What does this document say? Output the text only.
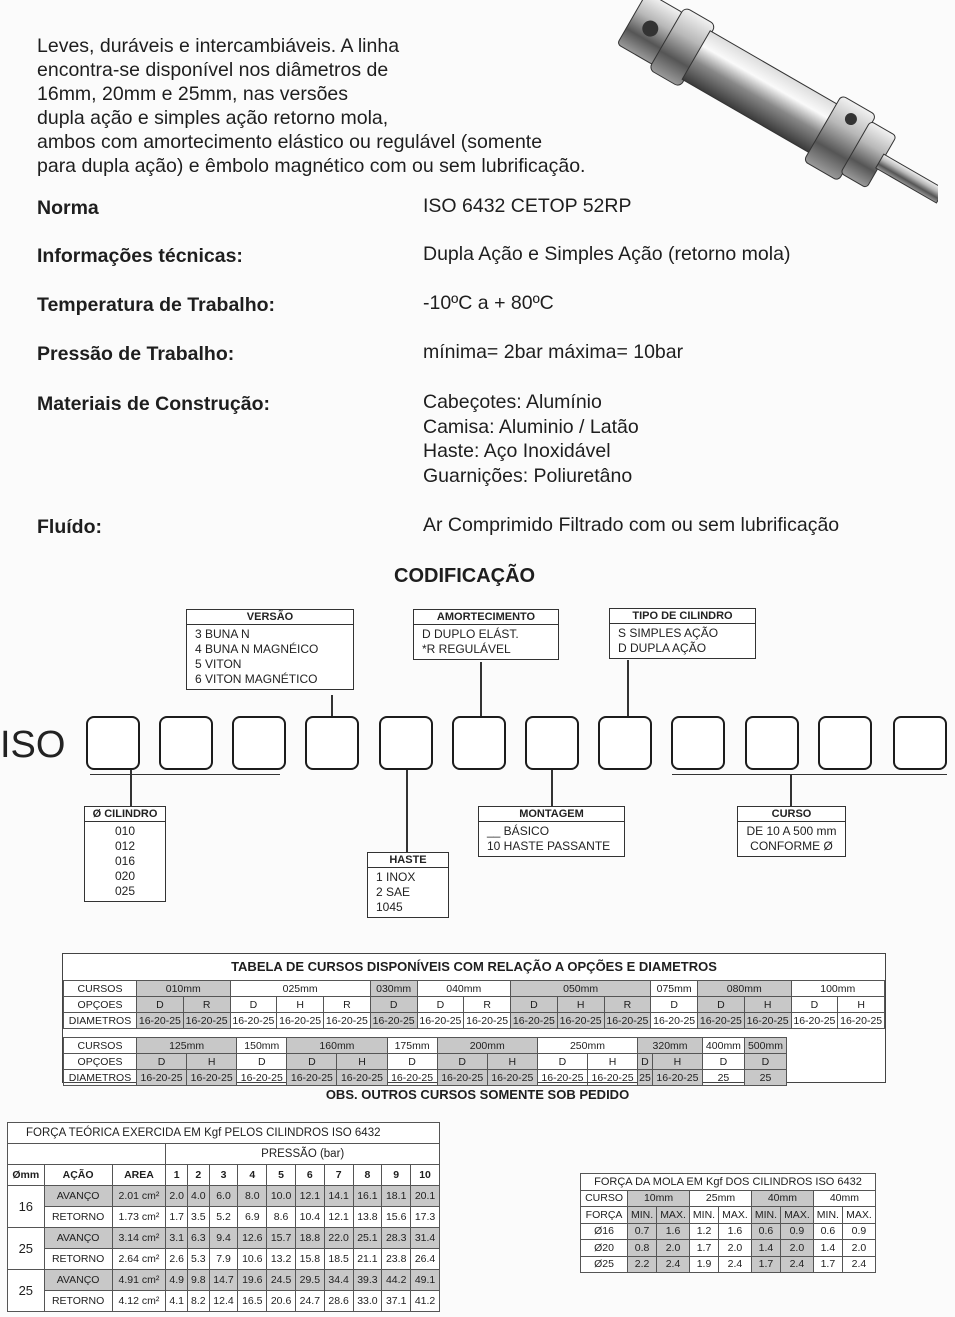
Leves, duráveis e intercambiáveis. A linha
encontra-se disponível nos diâmetros de
16mm, 20mm e 25mm, nas versões
dupla ação e simples ação retorno mola,
ambos com amortecimento elástico ou regulável (somente
para dupla ação) e êmbolo magnético com ou sem lubrificação.
Norma	ISO 6432 CETOP 52RP
Informações técnicas:	Dupla Ação e Simples Ação (retorno mola)
Temperatura de Trabalho:	-10ºC a + 80ºC
Pressão de Trabalho:	mínima= 2bar máxima= 10bar
Materiais de Construção:	Cabeçotes: Alumínio
Camisa: Aluminio / Latão
Haste: Aço Inoxidável
Guarnições: Poliuretâno
Fluído:	Ar Comprimido Filtrado com ou sem lubrificação
CODIFICAÇÃO
ISO
VERSÃO
3 BUNA N
4 BUNA N MAGNÉICO
5 VITON
6 VITON MAGNÉTICO
AMORTECIMENTO
D DUPLO ELÁST.
*R REGULÁVEL
TIPO DE CILINDRO
S SIMPLES AÇÃO
D DUPLA AÇÃO
Ø CILINDRO
010
012
016
020
025
HASTE
1 INOX
2 SAE 1045
MONTAGEM
__ BÁSICO
10 HASTE PASSANTE
CURSO
DE 10 A 500 mm
CONFORME Ø
TABELA DE CURSOS DISPONÍVEIS COM RELAÇÃO A OPÇÕES E DIAMETROS
CURSOS	010mm		025mm			030mm	040mm		050mm			075mm	080mm		100mm	
OPÇOES	D	R	D	H	R	D	D	R	D	H	R	D	D	H	D	H
DIAMETROS	16-20-25	16-20-25	16-20-25	16-20-25	16-20-25	16-20-25	16-20-25	16-20-25	16-20-25	16-20-25	16-20-25	16-20-25	16-20-25	16-20-25	16-20-25	16-20-25
CURSOS	125mm		150mm	160mm		175mm	200mm		250mm		320mm		400mm	500mm
OPÇOES	D	H	D	D	H	D	D	H	D	H	D	H	D	D
DIAMETROS	16-20-25	16-20-25	16-20-25	16-20-25	16-20-25	16-20-25	16-20-25	16-20-25	16-20-25	16-20-25	25	16-20-25	25	25
OBS. OUTROS CURSOS SOMENTE SOB PEDIDO
FORÇA TEÓRICA EXERCIDA EM Kgf PELOS CILINDROS ISO 6432												
			PRESSÃO (bar)									
Ømm	AÇÃO	AREA	1	2	3	4	5	6	7	8	9	10
16	AVANÇO	2.01 cm²	2.0	4.0	6.0	8.0	10.0	12.1	14.1	16.1	18.1	20.1
	RETORNO	1.73 cm²	1.7	3.5	5.2	6.9	8.6	10.4	12.1	13.8	15.6	17.3
25	AVANÇO	3.14 cm²	3.1	6.3	9.4	12.6	15.7	18.8	22.0	25.1	28.3	31.4
	RETORNO	2.64 cm²	2.6	5.3	7.9	10.6	13.2	15.8	18.5	21.1	23.8	26.4
25	AVANÇO	4.91 cm²	4.9	9.8	14.7	19.6	24.5	29.5	34.4	39.3	44.2	49.1
	RETORNO	4.12 cm²	4.1	8.2	12.4	16.5	20.6	24.7	28.6	33.0	37.1	41.2
FORÇA DA MOLA EM Kgf DOS CILINDROS ISO 6432								
CURSO	10mm		25mm		40mm		40mm	
FORÇA	MIN.	MAX.	MIN.	MAX.	MIN.	MAX.	MIN.	MAX.
Ø16	0.7	1.6	1.2	1.6	0.6	0.9	0.6	0.9
Ø20	0.8	2.0	1.7	2.0	1.4	2.0	1.4	2.0
Ø25	2.2	2.4	1.9	2.4	1.7	2.4	1.7	2.4
